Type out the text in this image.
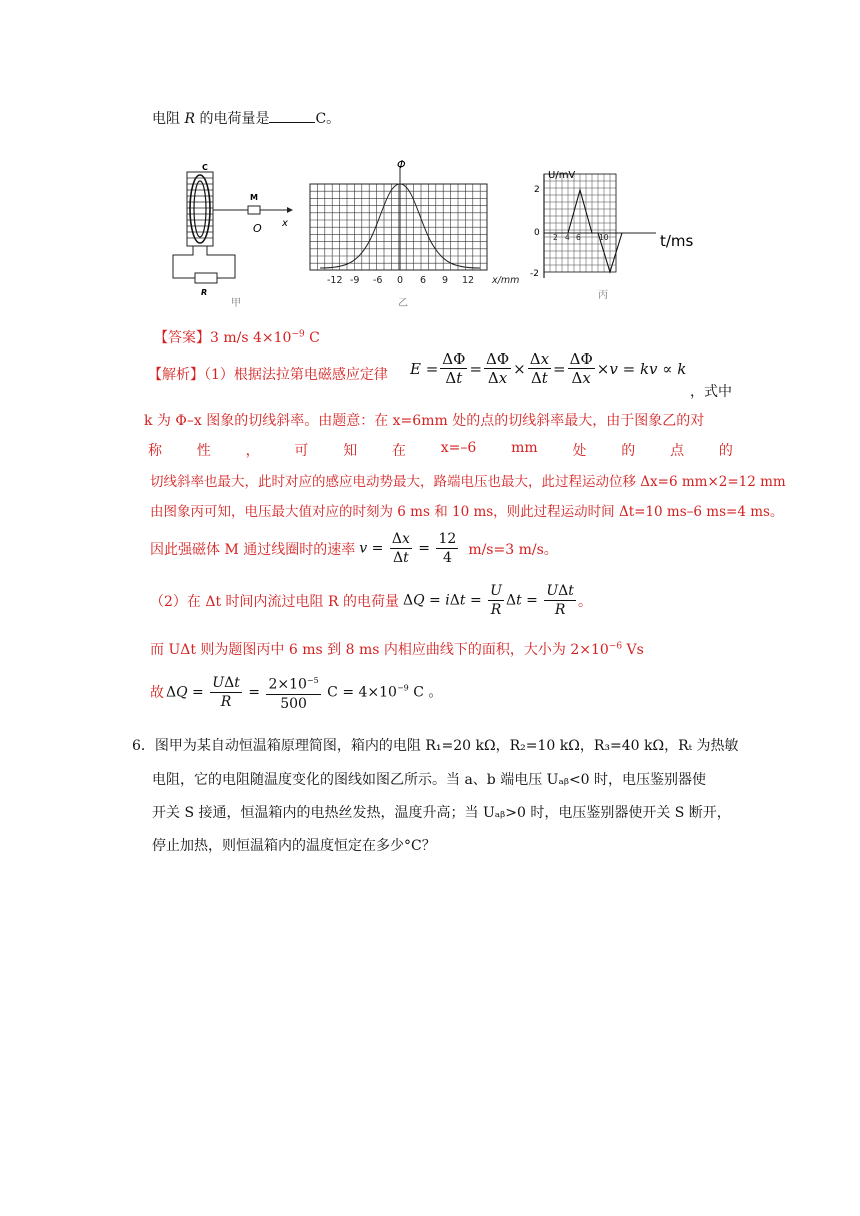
电阻 R 的电荷量是	C。
C
M
O x
R
甲
Φ
-12 -9 -6 0 6 9 12 x/mm
乙
U/mV
2
0
-2
2 4 6 10	t/ms
丙
【答案】3 m/s $4\times 10^{-9}$ C
【解析】（1）根据法拉第电磁感应定律 $E = \frac{\Delta\Phi}{\Delta t} = \frac{\Delta\Phi}{\Delta x} \times \frac{\Delta x}{\Delta t} = \frac{\Delta\Phi}{\Delta x} \times v$ = kv ∝ k
，式中
k 为 Φ–x 图象的切线斜率。由题意：在 x=6mm 处的点的切线斜率最大，由于图象乙的对
称 性 ， 可 知 在 x=–6 mm 处 的 点 的
切线斜率也最大，此时对应的感应电动势最大，路端电压也最大，此过程运动位移 Δx=6 mm×2=12 mm
由图象丙可知，电压最大值对应的时刻为 6 ms 和 10 ms，则此过程运动时间 Δt=10 ms–6 ms=4 ms。
因此强磁体 M 通过线圈时的速率 $v = \frac{\Delta x}{\Delta t} = \frac{12}{4} m/s=3$ m/s。
（2）在 Δt 时间内流过电阻 R 的电荷量 $\Delta Q = i\Delta t = \frac{U}{R}$ $\Delta t = \frac{\text{UΔt}}{R}$ 。
而 UΔt 则为题图丙中 6 ms 到 8 ms 内相应曲线下的面积，大小为 $2\times 10^{-6}$ Vs
故 $\Delta Q = \frac{\text{UΔt}}{R} = \frac{2\times 10^{-5}}{500}$ $C = 4\times 10^{-9}$ C 。
6．图甲为某自动恒温箱原理简图，箱内的电阻 R₁=20 kΩ，R₂=10 kΩ，R₃=40 kΩ，Rₜ 为热敏
电阻，它的电阻随温度变化的图线如图乙所示。当 a、b 端电压 Uₐᵦ<0 时，电压鉴别器使
开关 S 接通，恒温箱内的电热丝发热，温度升高；当 Uₐᵦ>0 时，电压鉴别器使开关 S 断开，
停止加热，则恒温箱内的温度恒定在多少°C？
